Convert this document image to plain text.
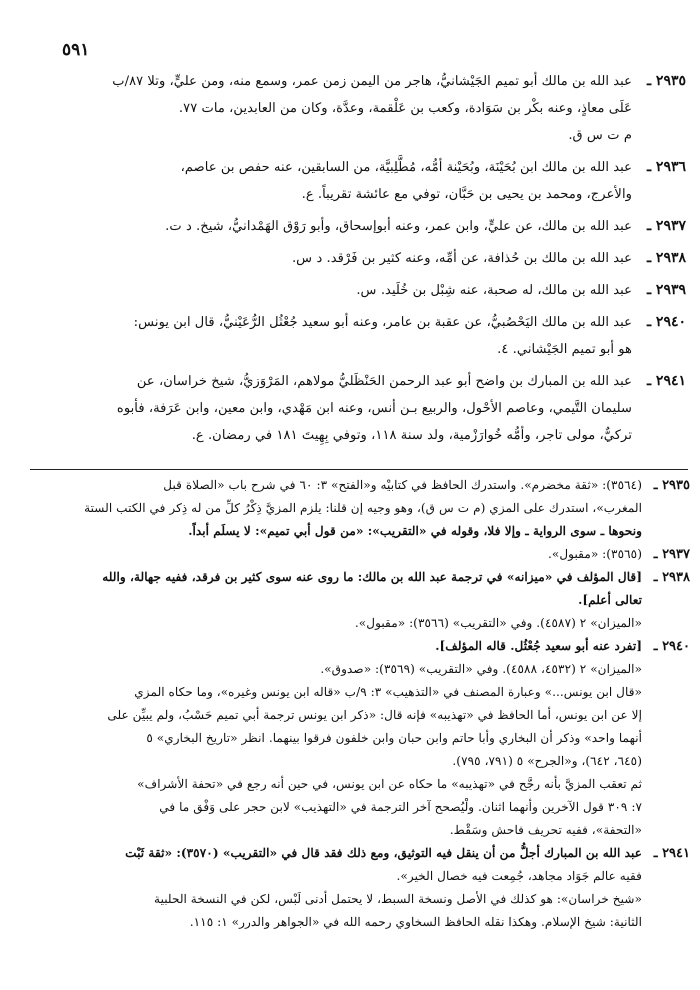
٥٩١
٢٩٣٥ ـ
عبد الله بن مالك أبو تميم الجَيْشانيُّ، هاجر من اليمن زمن عمر، وسمع منه، ومن عليٍّ، وتلا ٨٧/ب
عَلَى معاذٍ، وعنه بكْر بن سَوَادة، وكعب بن عَلْقمة، وعدَّة، وكان من العابدين، مات ٧٧.
م ت س ق.
٢٩٣٦ ـ
عبد الله بن مالك ابن بُحَيْنَة، وبُحَيْنة أمُّه، مُطَّلِبيَّة، من السابقين، عنه حفص بن عاصم،
والأعرج، ومحمد بن يحيى بن حَبَّان، توفي مع عائشة تقريباً. ع.
٢٩٣٧ ـ
عبد الله بن مالك، عن عليٍّ، وابن عمر، وعنه أبوإسحاق، وأبو رَوْق الهَمْدانيُّ، شيخ. د ت.
٢٩٣٨ ـ
عبد الله بن مالك بن حُذافة، عن أمِّه، وعنه كثير بن فَرْقد. د س.
٢٩٣٩ ـ
عبد الله بن مالك، له صحبة، عنه شِبْل بن خُلَيد. س.
٢٩٤٠ ـ
عبد الله بن مالك اليَحْصُبيُّ، عن عقبة بن عامر، وعنه أبو سعيد جُعْثُل الرُّعَيْنيُّ، قال ابن يونس:
هو أبو تميم الجَيْشاني. ٤.
٢٩٤١ ـ
عبد الله بن المبارك بن واضح أبو عبد الرحمن الحَنْظَليُّ مولاهم، المَرْوَزيُّ، شيخ خراسان، عن
سليمان التَّيمي، وعاصم الأحْول، والربيع بـن أنس، وعنه ابن مَهْدي، وابن معين، وابن عَرَفة، فأبوه
تركيٌّ، مولى تاجر، وأمُّه خُوارَزْمية، ولد سنة ١١٨، وتوفي بِهِيتَ ١٨١ في رمضان. ع.
٢٩٣٥ ـ
(٣٥٦٤): «ثقة مخضرم». واستدرك الحافظ في كتابيْه و«الفتح» ٣: ٦٠ في شرح باب «الصلاة قبل
المغرب»، استدرك على المزي (م ت س ق)، وهو وجيه إن قلنا: يلزم المزيَّ ذِكْرُ كلِّ من له ذِكر في الكتب الستة
ونحوها ـ سوى الرواية ـ وإلا فلا، وقوله في «التقريب»: «من قول أبي تميم»: لا يسلَم أبداً.
٢٩٣٧ ـ
(٣٥٦٥): «مقبول».
٢٩٣٨ ـ
[قال المؤلف في «ميزانه» في ترجمة عبد الله بن مالك: ما روى عنه سوى كثير بن فرقد، ففيه جهالة، والله
تعالى أعلم].
«الميزان» ٢ (٤٥٨٧). وفي «التقريب» (٣٥٦٦): «مقبول».
٢٩٤٠ ـ
[تفرد عنه أبو سعيد جُعْثُل. قاله المؤلف].
«الميزان» ٢ (٤٥٣٢، ٤٥٨٨). وفي «التقريب» (٣٥٦٩): «صدوق».
«قال ابن يونس...» وعبارة المصنف في «التذهيب» ٣: ٩/ب «قاله ابن يونس وغيره»، وما حكاه المزي
إلا عن ابن يونس، أما الحافظ في «تهذيبه» فإنه قال: «ذكر ابن يونس ترجمة أبي تميم حَسْبُ، ولم يبيِّن على
أنهما واحد» وذكر أن البخاري وأبا حاتم وابن حبان وابن خلفون فرقوا بينهما. انظر «تاريخ البخاري» ٥
(٦٤٥، ٦٤٢)، و«الجرح» ٥ (٧٩١، ٧٩٥).
ثم تعقب المزيَّ بأنه رجَّح في «تهذيبه» ما حكاه عن ابن يونس، في حين أنه رجع في «تحفة الأشراف»
٧: ٣٠٩ قول الآخرين وأنهما اثنان. ولْيُصحح آخر الترجمة في «التهذيب» لابن حجر على وَفْق ما في
«التحفة»، ففيه تحريف فاحش وسَقْط.
٢٩٤١ ـ
عبد الله بن المبارك أجلُّ من أن ينقل فيه التوثيق، ومع ذلك فقد قال في «التقريب» (٣٥٧٠): «ثقة ثَبْت
فقيه عالم جَوَاد مجاهد، جُمِعت فيه خصال الخير».
«شيخ خراسان»: هو كذلك في الأصل ونسخة السبط، لا يحتمل أدنى لَبْس، لكن في النسخة الحلبية
الثانية: شيخ الإسلام. وهكذا نقله الحافظ السخاوي رحمه الله في «الجواهر والدرر» ١: ١١٥.
